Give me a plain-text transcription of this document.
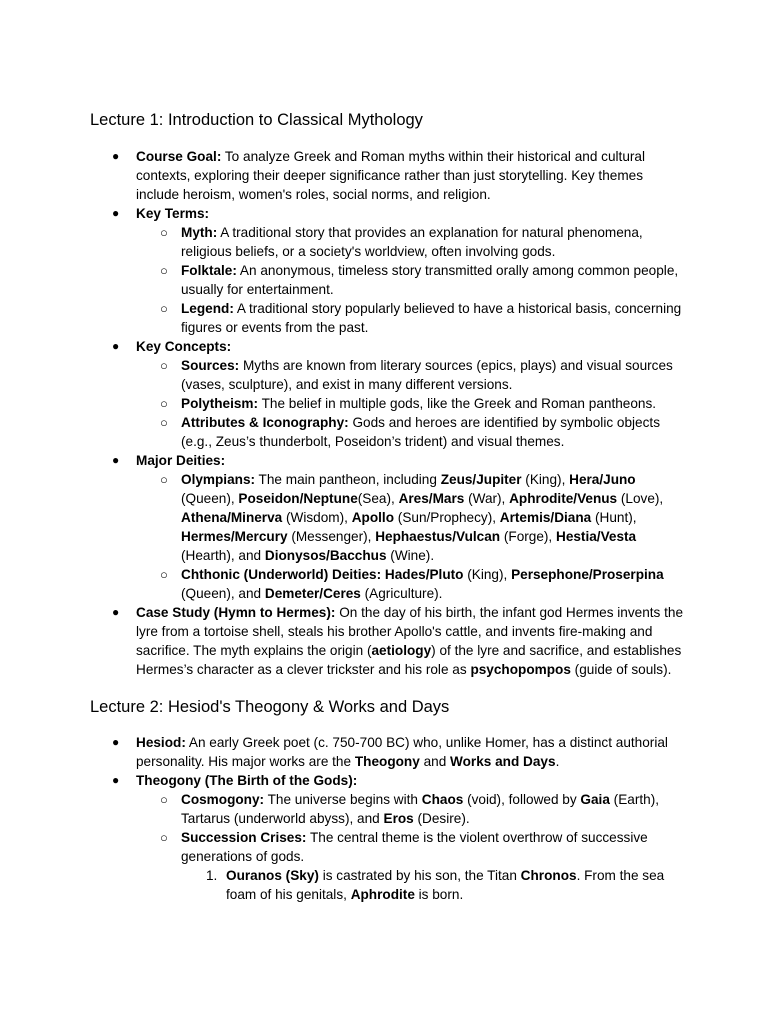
Lecture 1: Introduction to Classical Mythology
● Course Goal: To analyze Greek and Roman myths within their historical and cultural contexts, exploring their deeper significance rather than just storytelling. Key themes include heroism, women's roles, social norms, and religion.
● Key Terms:
○ Myth: A traditional story that provides an explanation for natural phenomena, religious beliefs, or a society's worldview, often involving gods.
○ Folktale: An anonymous, timeless story transmitted orally among common people, usually for entertainment.
○ Legend: A traditional story popularly believed to have a historical basis, concerning figures or events from the past.
● Key Concepts:
○ Sources: Myths are known from literary sources (epics, plays) and visual sources (vases, sculpture), and exist in many different versions.
○ Polytheism: The belief in multiple gods, like the Greek and Roman pantheons.
○ Attributes & Iconography: Gods and heroes are identified by symbolic objects (e.g., Zeus’s thunderbolt, Poseidon’s trident) and visual themes.
● Major Deities:
○ Olympians: The main pantheon, including Zeus/Jupiter (King), Hera/Juno (Queen), Poseidon/Neptune(Sea), Ares/Mars (War), Aphrodite/Venus (Love), Athena/Minerva (Wisdom), Apollo (Sun/Prophecy), Artemis/Diana (Hunt), Hermes/Mercury (Messenger), Hephaestus/Vulcan (Forge), Hestia/Vesta (Hearth), and Dionysos/Bacchus (Wine).
○ Chthonic (Underworld) Deities: Hades/Pluto (King), Persephone/Proserpina (Queen), and Demeter/Ceres (Agriculture).
● Case Study (Hymn to Hermes): On the day of his birth, the infant god Hermes invents the lyre from a tortoise shell, steals his brother Apollo's cattle, and invents fire-making and sacrifice. The myth explains the origin (aetiology) of the lyre and sacrifice, and establishes Hermes’s character as a clever trickster and his role as psychopompos (guide of souls).
Lecture 2: Hesiod's Theogony & Works and Days
● Hesiod: An early Greek poet (c. 750-700 BC) who, unlike Homer, has a distinct authorial personality. His major works are the Theogony and Works and Days.
● Theogony (The Birth of the Gods):
○ Cosmogony: The universe begins with Chaos (void), followed by Gaia (Earth), Tartarus (underworld abyss), and Eros (Desire).
○ Succession Crises: The central theme is the violent overthrow of successive generations of gods.
1. Ouranos (Sky) is castrated by his son, the Titan Chronos. From the sea foam of his genitals, Aphrodite is born.
